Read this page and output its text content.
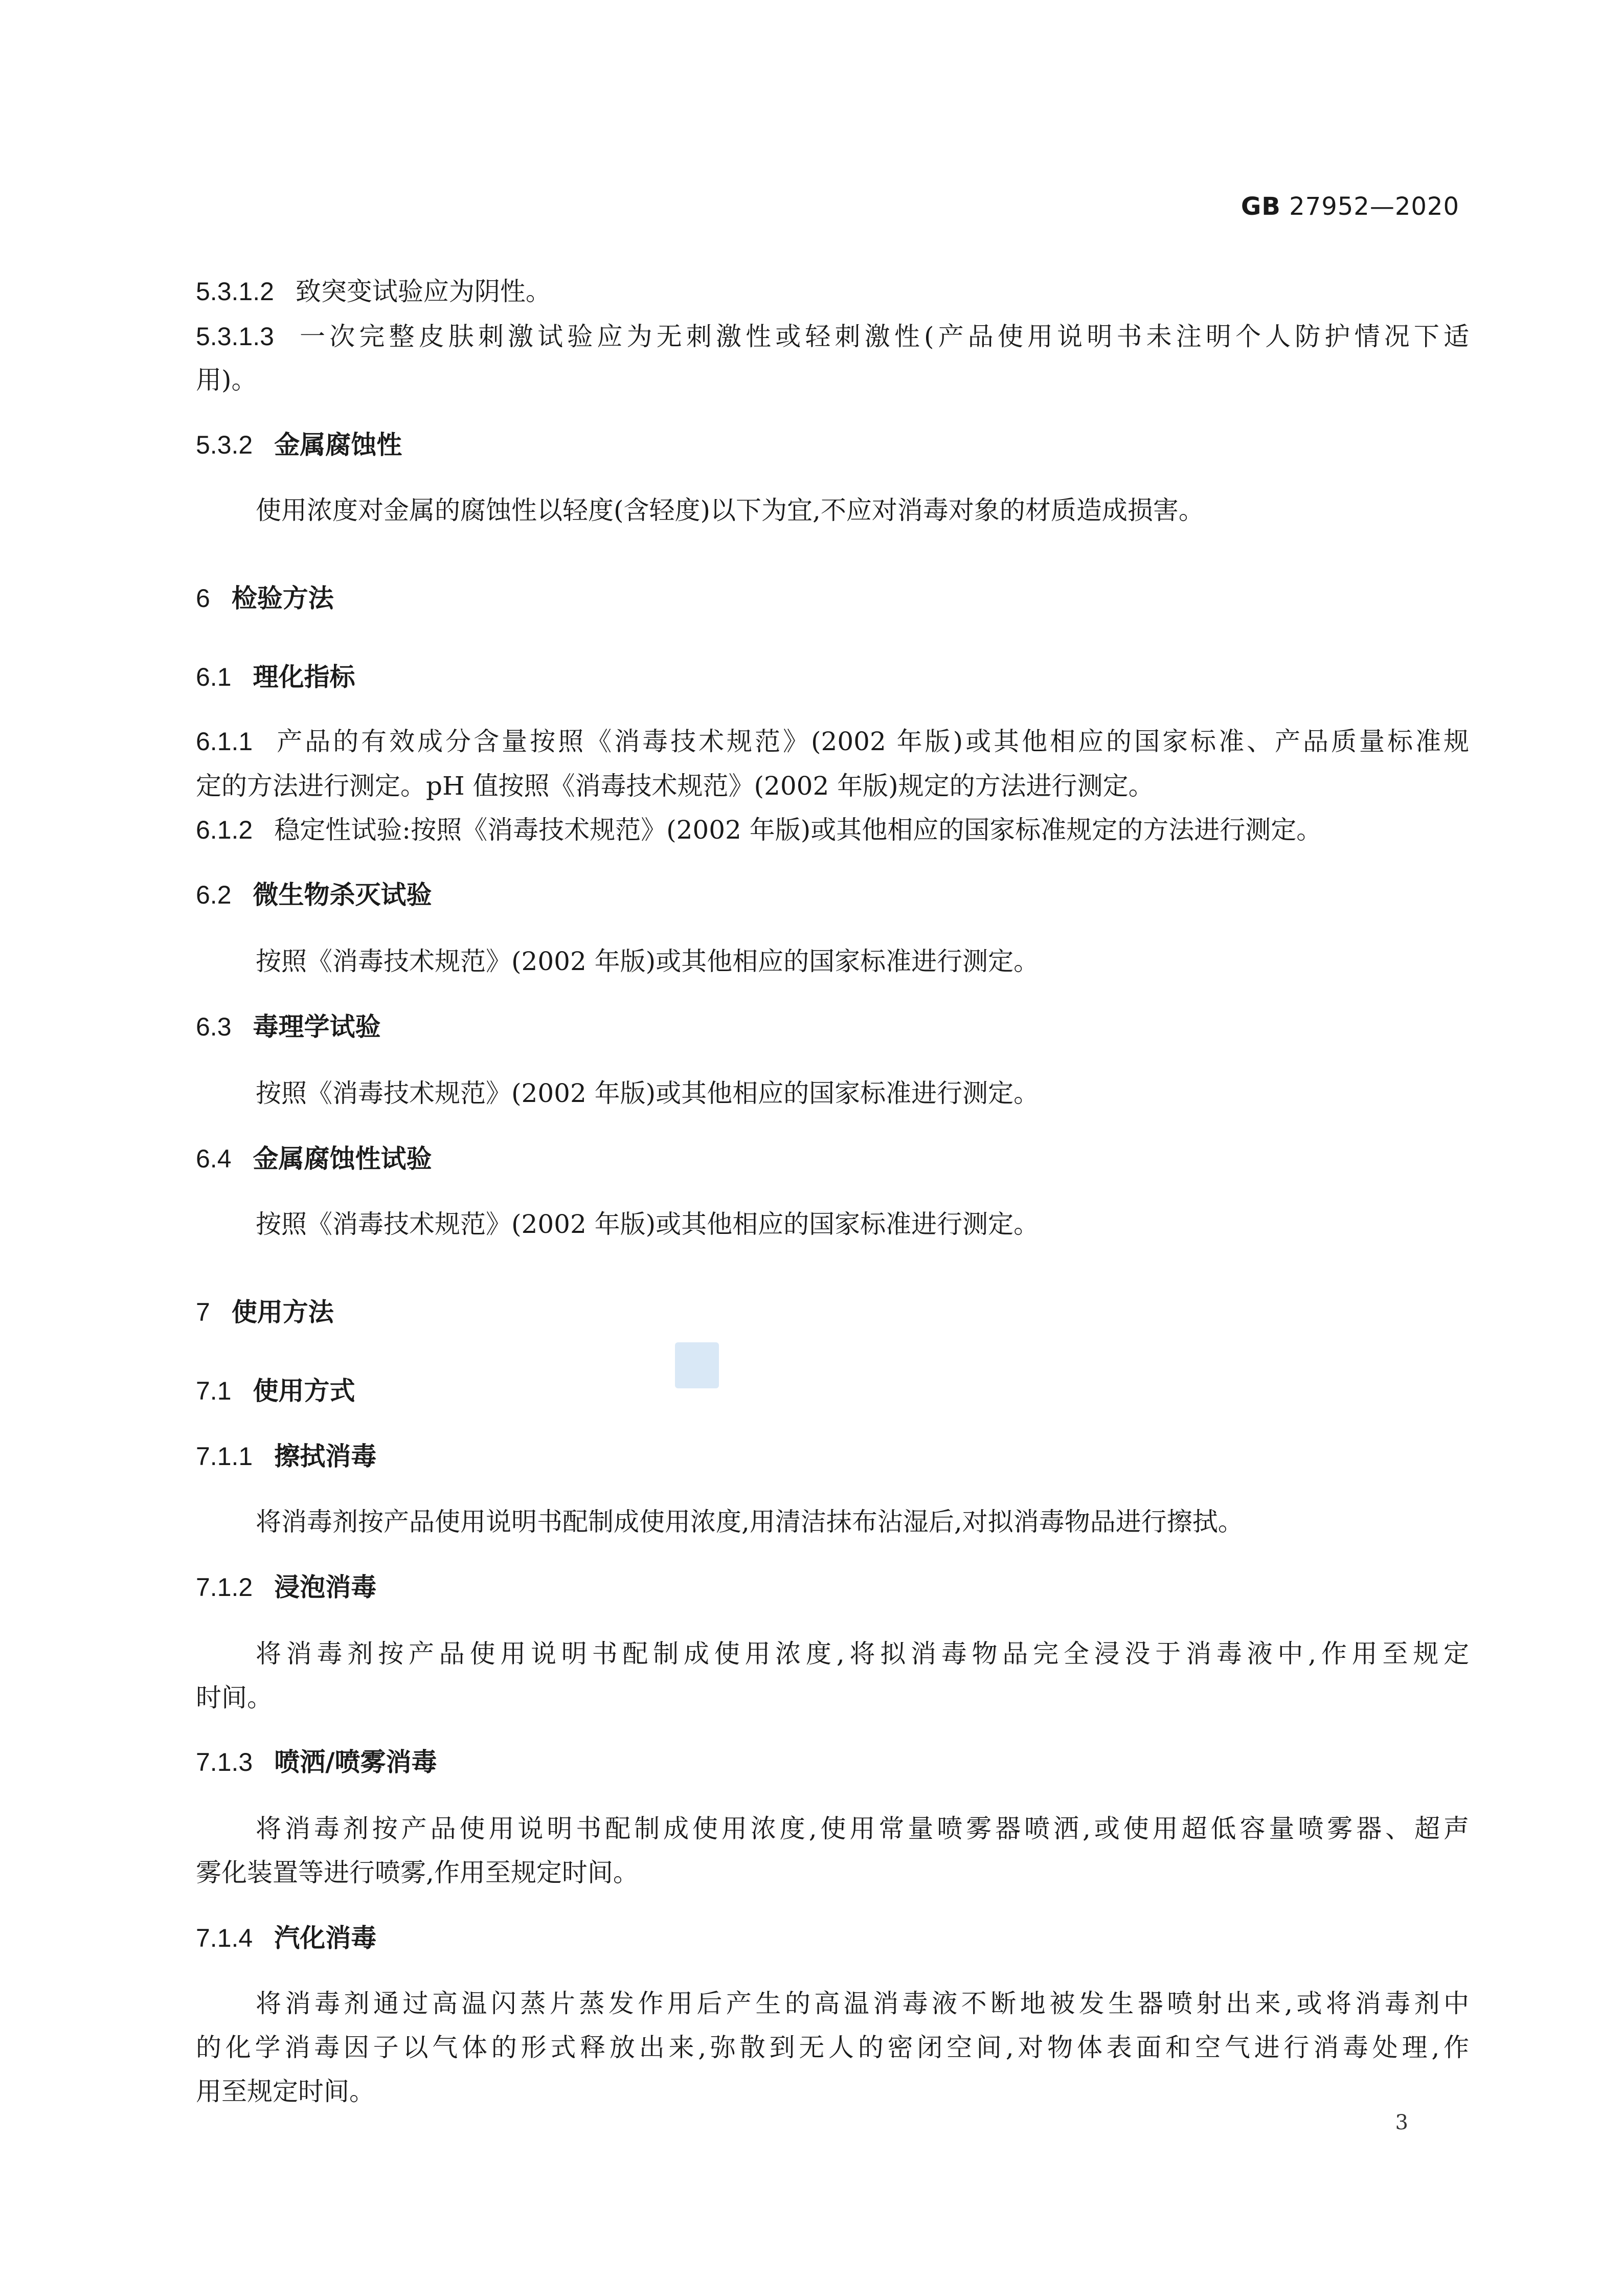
GB 27952—2020
5.3.1.2 致突变试验应为阴性。
5.3.1.3 一次完整皮肤刺激试验应为无刺激性或轻刺激性(产品使用说明书未注明个人防护情况下适
用)。
5.3.2 金属腐蚀性
使用浓度对金属的腐蚀性以轻度(含轻度)以下为宜,不应对消毒对象的材质造成损害。
6 检验方法
6.1 理化指标
6.1.1 产品的有效成分含量按照《消毒技术规范》(2002 年版)或其他相应的国家标准、产品质量标准规
定的方法进行测定。pH 值按照《消毒技术规范》(2002 年版)规定的方法进行测定。
6.1.2 稳定性试验:按照《消毒技术规范》(2002 年版)或其他相应的国家标准规定的方法进行测定。
6.2 微生物杀灭试验
按照《消毒技术规范》(2002 年版)或其他相应的国家标准进行测定。
6.3 毒理学试验
按照《消毒技术规范》(2002 年版)或其他相应的国家标准进行测定。
6.4 金属腐蚀性试验
按照《消毒技术规范》(2002 年版)或其他相应的国家标准进行测定。
7 使用方法
7.1 使用方式
7.1.1 擦拭消毒
将消毒剂按产品使用说明书配制成使用浓度,用清洁抹布沾湿后,对拟消毒物品进行擦拭。
7.1.2 浸泡消毒
将消毒剂按产品使用说明书配制成使用浓度,将拟消毒物品完全浸没于消毒液中,作用至规定
时间。
7.1.3 喷洒/喷雾消毒
将消毒剂按产品使用说明书配制成使用浓度,使用常量喷雾器喷洒,或使用超低容量喷雾器、超声
雾化装置等进行喷雾,作用至规定时间。
7.1.4 汽化消毒
将消毒剂通过高温闪蒸片蒸发作用后产生的高温消毒液不断地被发生器喷射出来,或将消毒剂中
的化学消毒因子以气体的形式释放出来,弥散到无人的密闭空间,对物体表面和空气进行消毒处理,作
用至规定时间。
3
